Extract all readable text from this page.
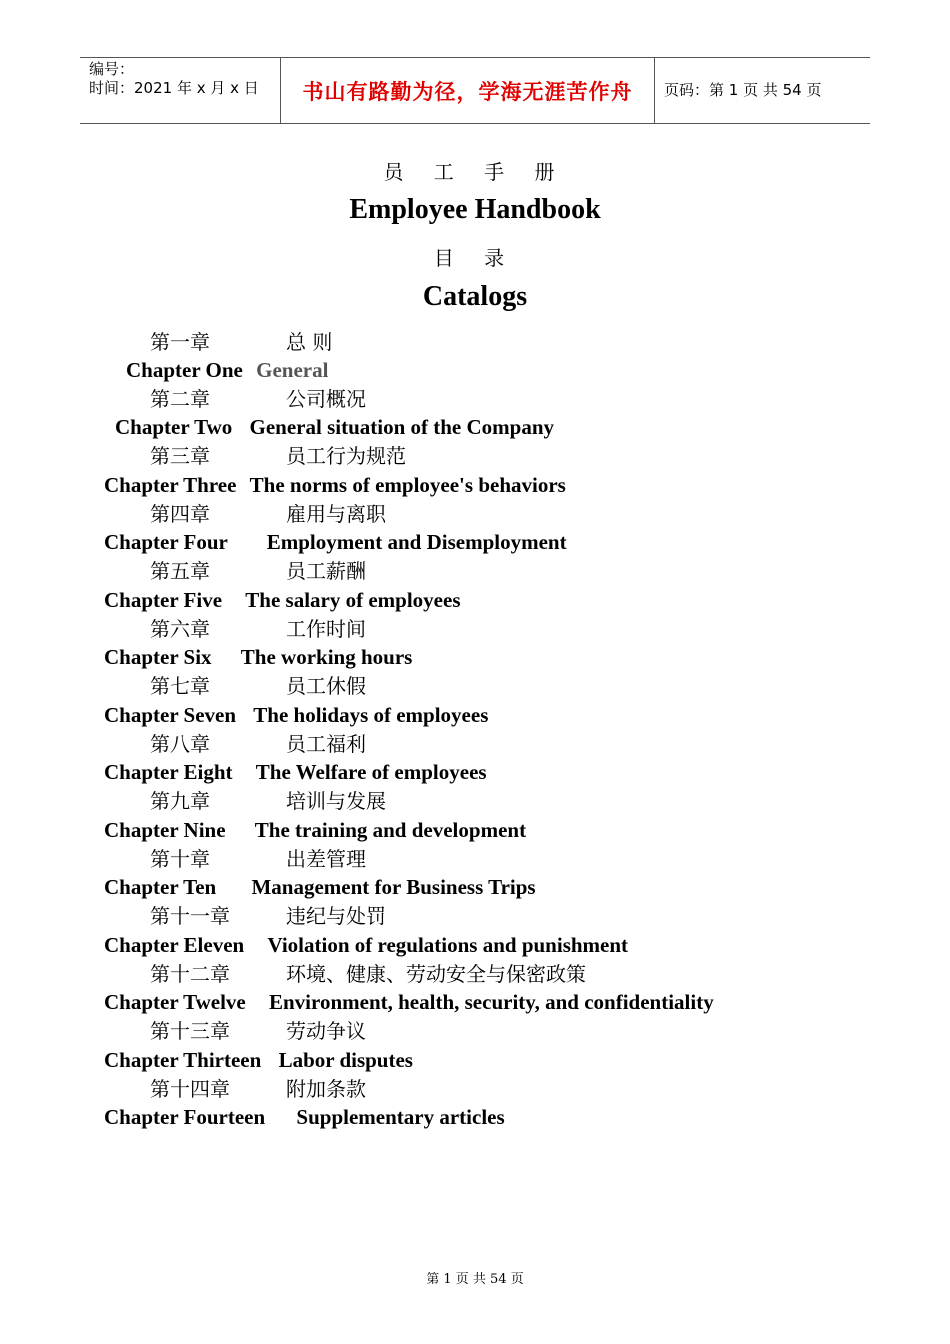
编号：
时间：2021 年 x 月 x 日	书山有路勤为径，学海无涯苦作舟 页码：第 1 页 共 54 页
员 工 手 册
Employee Handbook
目 录
Catalogs
第一章	总 则
Chapter One General
第二章	公司概况
Chapter Two General situation of the Company
第三章	员工行为规范
Chapter Three The norms of employee's behaviors
第四章	雇用与离职
Chapter Four Employment and Disemployment
第五章	员工薪酬
Chapter Five The salary of employees
第六章	工作时间
Chapter Six The working hours
第七章	员工休假
Chapter Seven The holidays of employees
第八章	员工福利
Chapter Eight The Welfare of employees
第九章	培训与发展
Chapter Nine The training and development
第十章	出差管理
Chapter Ten Management for Business Trips
第十一章	违纪与处罚
Chapter Eleven Violation of regulations and punishment
第十二章	环境、健康、劳动安全与保密政策
Chapter Twelve Environment, health, security, and confidentiality
第十三章	劳动争议
Chapter Thirteen Labor disputes
第十四章	附加条款
Chapter Fourteen Supplementary articles
第 1 页 共 54 页
